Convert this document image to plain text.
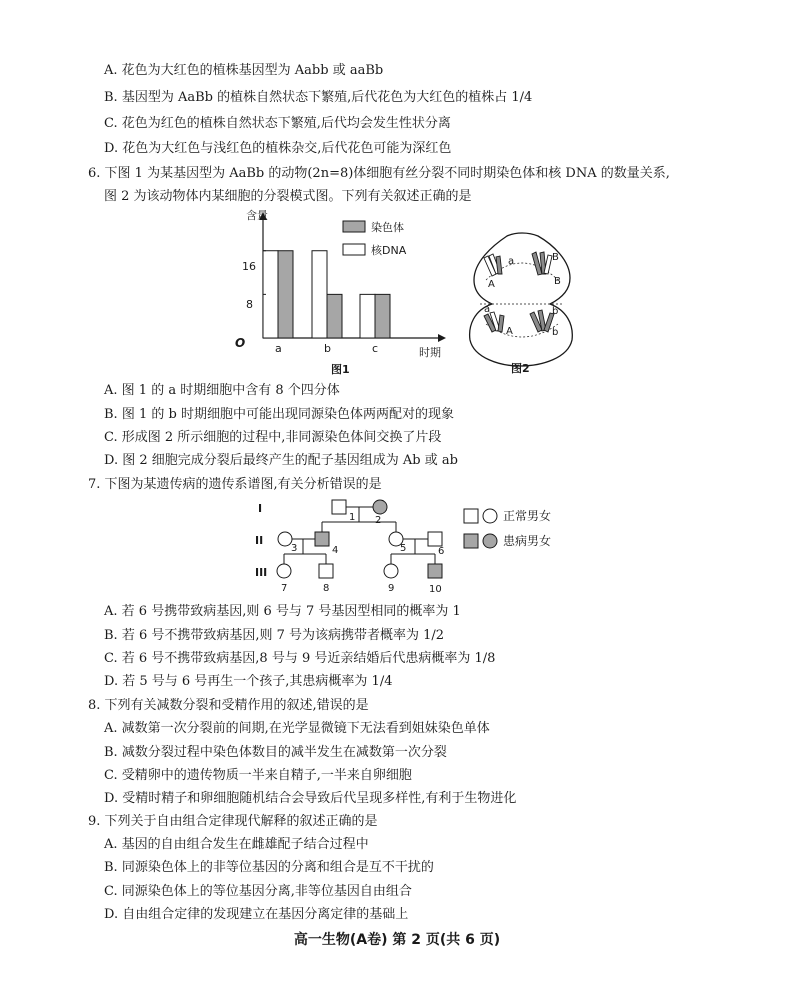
A. 花色为大红色的植株基因型为 Aabb 或 aaBb
B. 基因型为 AaBb 的植株自然状态下繁殖,后代花色为大红色的植株占 1/4
C. 花色为红色的植株自然状态下繁殖,后代均会发生性状分离
D. 花色为大红色与浅红色的植株杂交,后代花色可能为深红色
6. 下图 1 为某基因型为 AaBb 的动物(2n=8)体细胞有丝分裂不同时期染色体和核 DNA 的数量关系,
图 2 为该动物体内某细胞的分裂模式图。下列有关叙述正确的是
含量
时期
O
8
16
a	b	c
染色体
核DNA
图1
a
A
B
B
a
A
b
b
图2
A. 图 1 的 a 时期细胞中含有 8 个四分体
B. 图 1 的 b 时期细胞中可能出现同源染色体两两配对的现象
C. 形成图 2 所示细胞的过程中,非同源染色体间交换了片段
D. 图 2 细胞完成分裂后最终产生的配子基因组成为 Ab 或 ab
7. 下图为某遗传病的遗传系谱图,有关分析错误的是
I
II
III
1 2
3	4	5	6
7	8	9	10
正常男女
患病男女
A. 若 6 号携带致病基因,则 6 号与 7 号基因型相同的概率为 1
B. 若 6 号不携带致病基因,则 7 号为该病携带者概率为 1/2
C. 若 6 号不携带致病基因,8 号与 9 号近亲结婚后代患病概率为 1/8
D. 若 5 号与 6 号再生一个孩子,其患病概率为 1/4
8. 下列有关减数分裂和受精作用的叙述,错误的是
A. 减数第一次分裂前的间期,在光学显微镜下无法看到姐妹染色单体
B. 减数分裂过程中染色体数目的减半发生在减数第一次分裂
C. 受精卵中的遗传物质一半来自精子,一半来自卵细胞
D. 受精时精子和卵细胞随机结合会导致后代呈现多样性,有利于生物进化
9. 下列关于自由组合定律现代解释的叙述正确的是
A. 基因的自由组合发生在雌雄配子结合过程中
B. 同源染色体上的非等位基因的分离和组合是互不干扰的
C. 同源染色体上的等位基因分离,非等位基因自由组合
D. 自由组合定律的发现建立在基因分离定律的基础上
高一生物(A卷) 第 2 页(共 6 页)
